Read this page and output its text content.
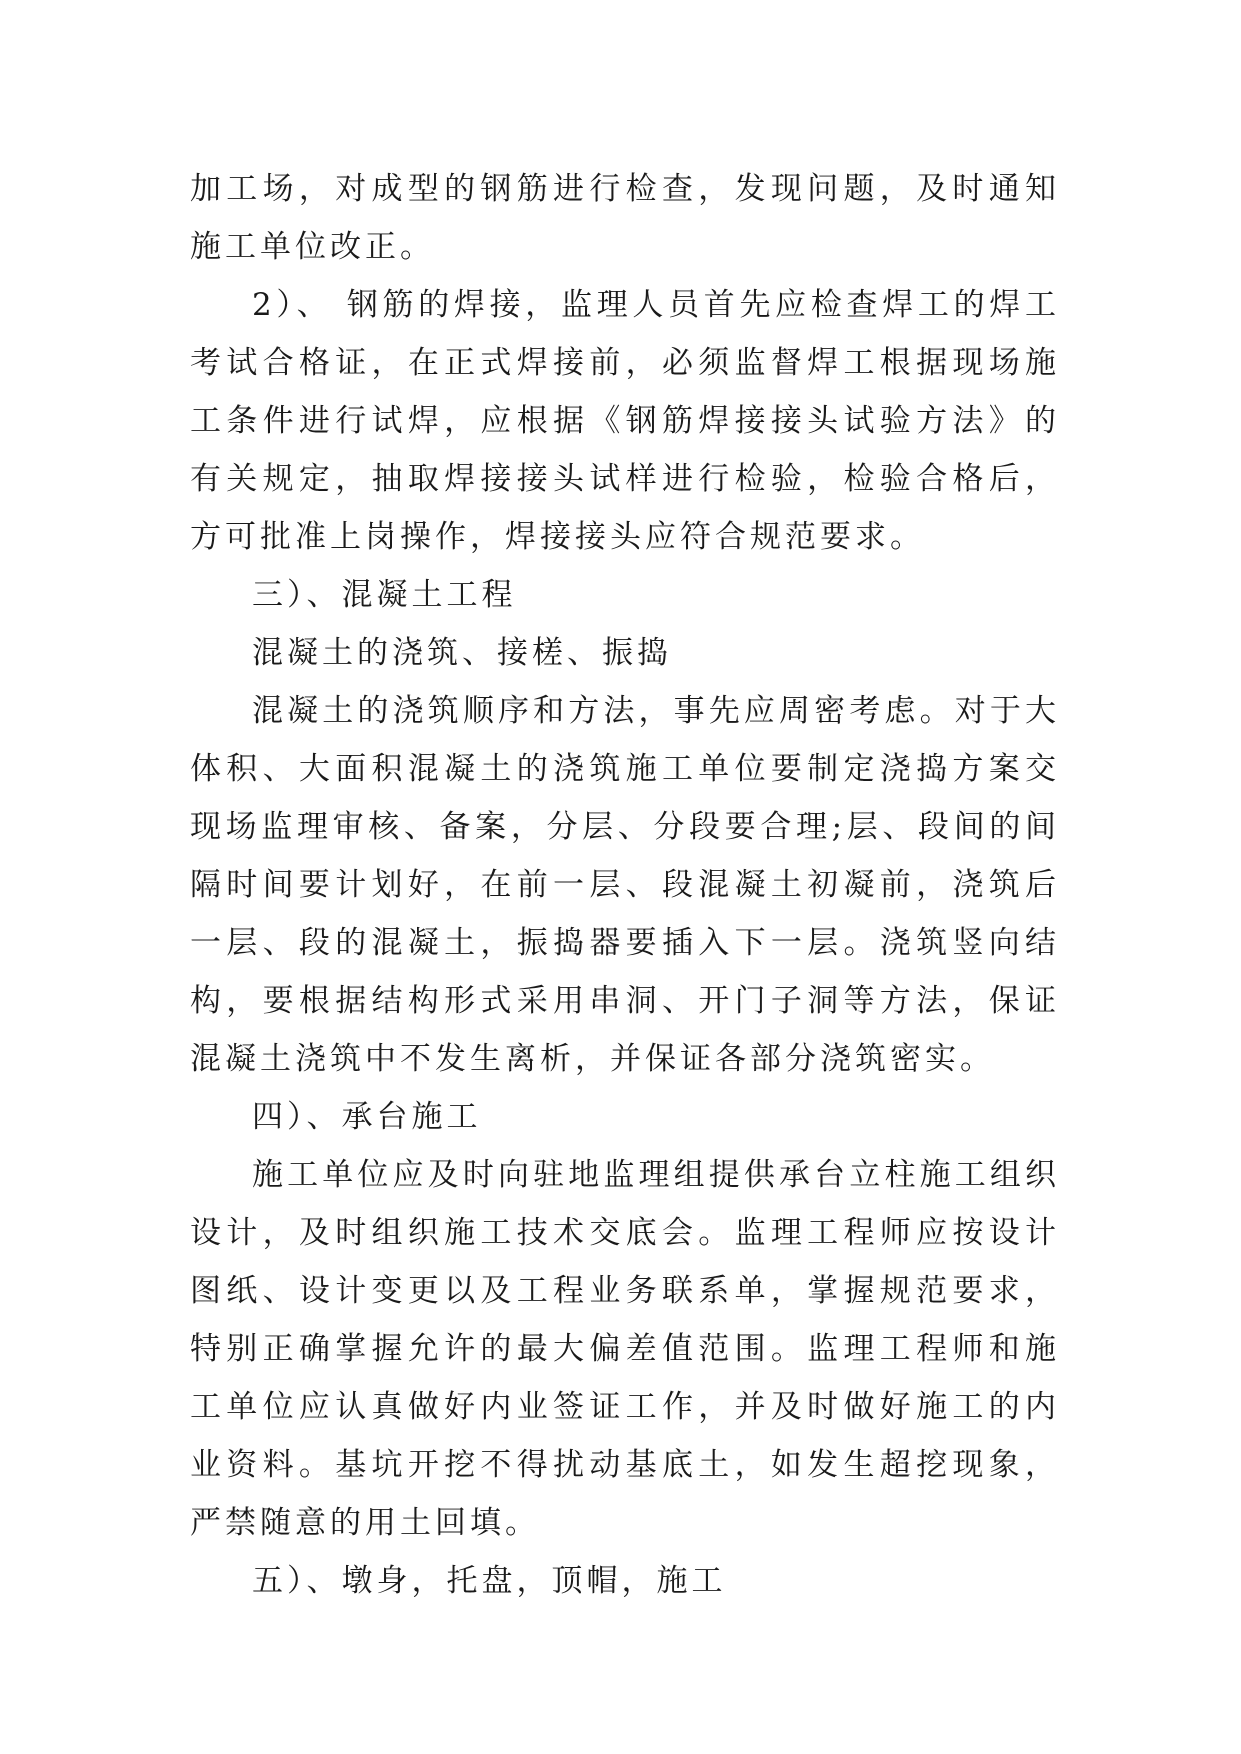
加工场，对成型的钢筋进行检查，发现问题，及时通知施工单位改正。

2）、 钢筋的焊接，监理人员首先应检查焊工的焊工考试合格证，在正式焊接前，必须监督焊工根据现场施工条件进行试焊，应根据《钢筋焊接接头试验方法》的有关规定，抽取焊接接头试样进行检验，检验合格后，方可批准上岗操作，焊接接头应符合规范要求。

三）、混凝土工程

混凝土的浇筑、接槎、振捣

混凝土的浇筑顺序和方法，事先应周密考虑。对于大体积、大面积混凝土的浇筑施工单位要制定浇捣方案交现场监理审核、备案，分层、分段要合理;层、段间的间隔时间要计划好，在前一层、段混凝土初凝前，浇筑后一层、段的混凝土，振捣器要插入下一层。浇筑竖向结构，要根据结构形式采用串洞、开门子洞等方法，保证混凝土浇筑中不发生离析，并保证各部分浇筑密实。

四）、承台施工

施工单位应及时向驻地监理组提供承台立柱施工组织设计，及时组织施工技术交底会。监理工程师应按设计图纸、设计变更以及工程业务联系单，掌握规范要求，特别正确掌握允许的最大偏差值范围。监理工程师和施工单位应认真做好内业签证工作，并及时做好施工的内业资料。基坑开挖不得扰动基底土，如发生超挖现象，严禁随意的用土回填。

五）、墩身，托盘，顶帽，施工
